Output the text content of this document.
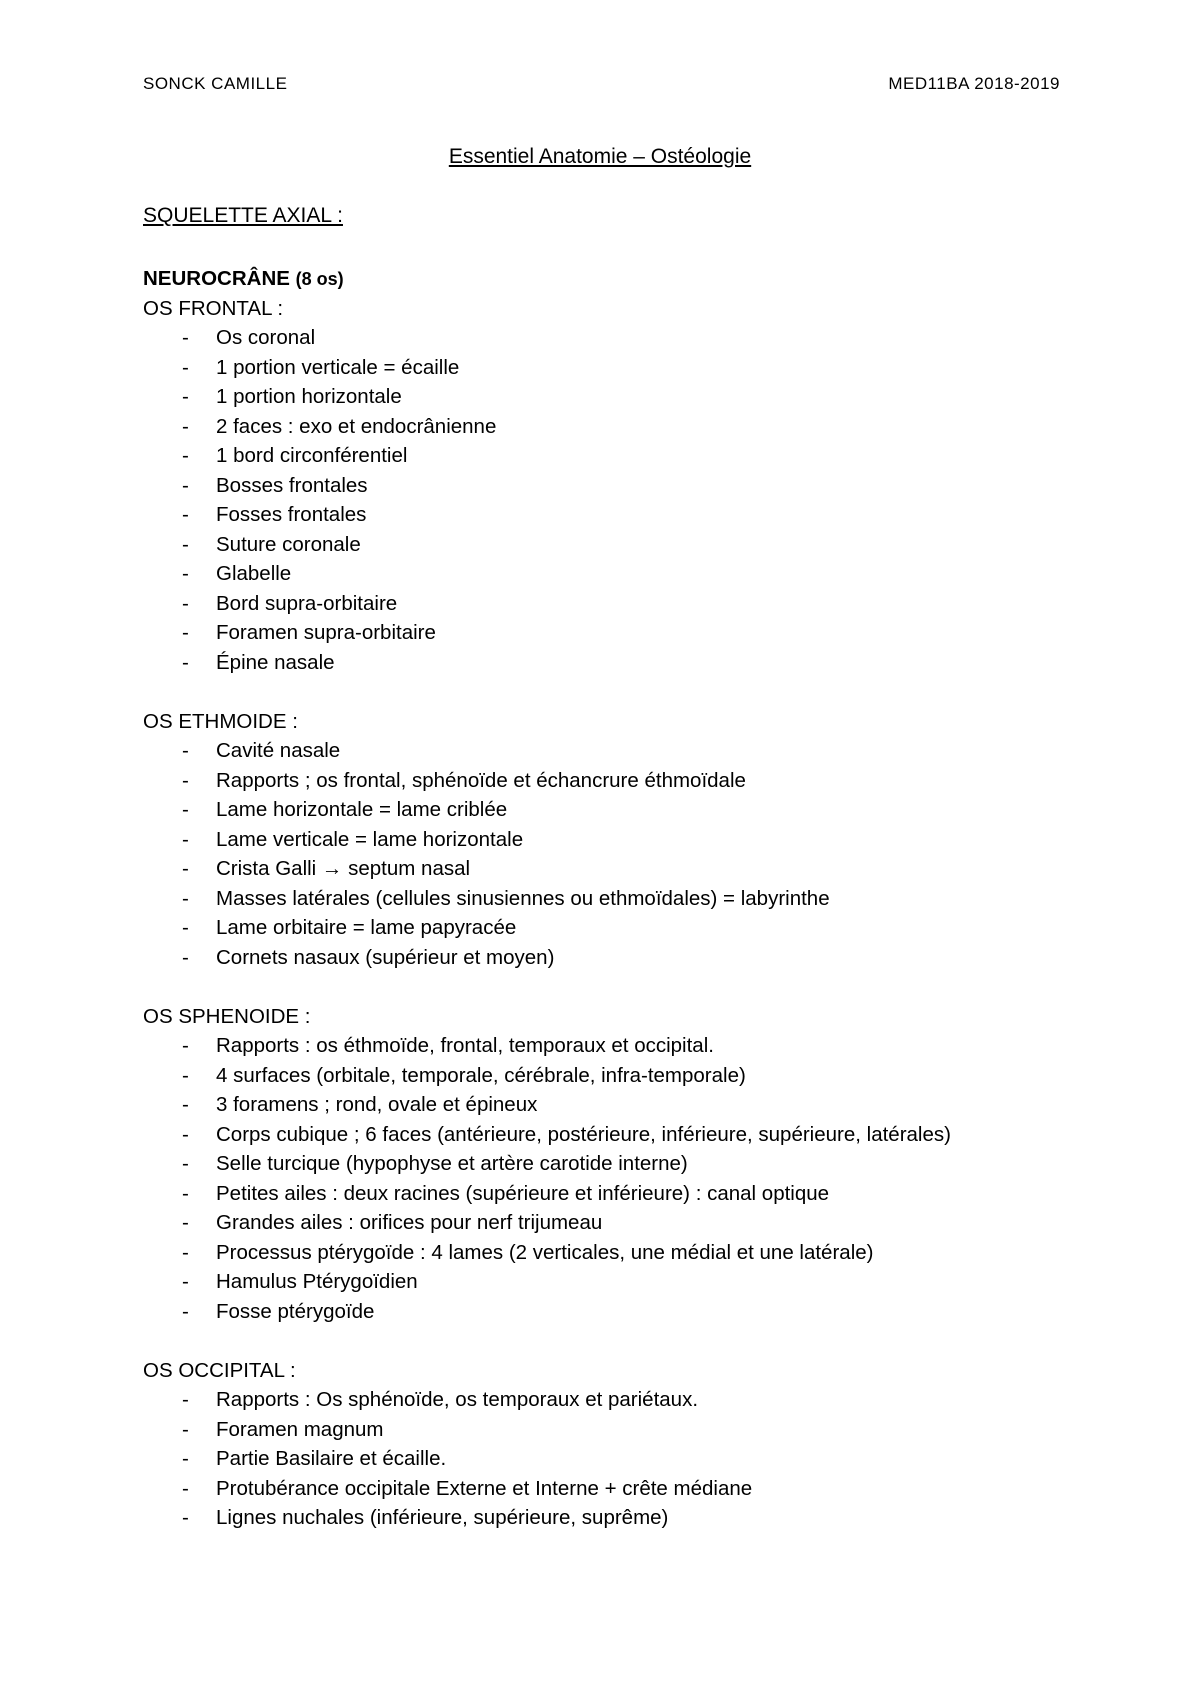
SONCK CAMILLE	MED11BA 2018-2019
Essentiel Anatomie – Ostéologie
SQUELETTE AXIAL :
NEUROCRÂNE (8 os)
OS FRONTAL :
- Os coronal
- 1 portion verticale = écaille
- 1 portion horizontale
- 2 faces : exo et endocrânienne
- 1 bord circonférentiel
- Bosses frontales
- Fosses frontales
- Suture coronale
- Glabelle
- Bord supra-orbitaire
- Foramen supra-orbitaire
- Épine nasale
OS ETHMOIDE :
- Cavité nasale
- Rapports ; os frontal, sphénoïde et échancrure éthmoïdale
- Lame horizontale = lame criblée
- Lame verticale = lame horizontale
- Crista Galli → septum nasal
- Masses latérales (cellules sinusiennes ou ethmoïdales) = labyrinthe
- Lame orbitaire = lame papyracée
- Cornets nasaux (supérieur et moyen)
OS SPHENOIDE :
- Rapports : os éthmoïde, frontal, temporaux et occipital.
- 4 surfaces (orbitale, temporale, cérébrale, infra-temporale)
- 3 foramens ; rond, ovale et épineux
- Corps cubique ; 6 faces (antérieure, postérieure, inférieure, supérieure, latérales)
- Selle turcique (hypophyse et artère carotide interne)
- Petites ailes : deux racines (supérieure et inférieure) : canal optique
- Grandes ailes : orifices pour nerf trijumeau
- Processus ptérygoïde : 4 lames (2 verticales, une médial et une latérale)
- Hamulus Ptérygoïdien
- Fosse ptérygoïde
OS OCCIPITAL :
- Rapports : Os sphénoïde, os temporaux et pariétaux.
- Foramen magnum
- Partie Basilaire et écaille.
- Protubérance occipitale Externe et Interne + crête médiane
- Lignes nuchales (inférieure, supérieure, suprême)
